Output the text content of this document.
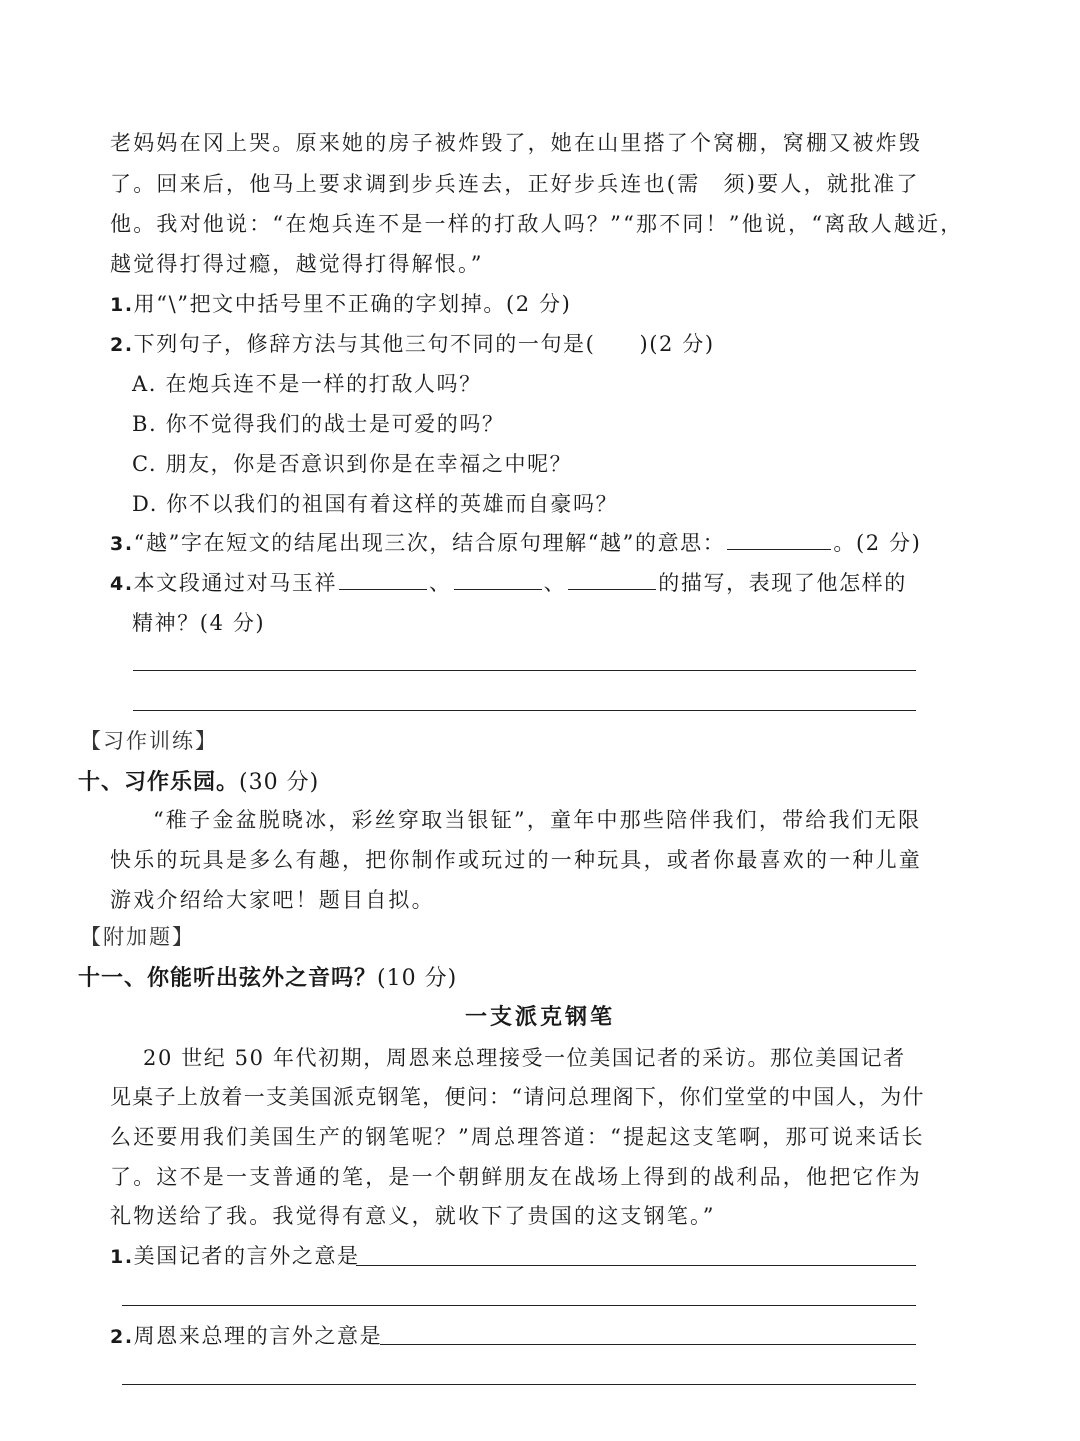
老妈妈在冈上哭。原来她的房子被炸毁了，她在山里搭了个窝棚，窝棚又被炸毁
了。回来后，他马上要求调到步兵连去，正好步兵连也(需　须)要人，就批准了
他。我对他说：“在炮兵连不是一样的打敌人吗？”“那不同！”他说，“离敌人越近，
越觉得打得过瘾，越觉得打得解恨。”
1.用“\”把文中括号里不正确的字划掉。(2 分)
2.下列句子，修辞方法与其他三句不同的一句是( )(2 分)
A. 在炮兵连不是一样的打敌人吗？
B. 你不觉得我们的战士是可爱的吗？
C. 朋友，你是否意识到你是在幸福之中呢？
D. 你不以我们的祖国有着这样的英雄而自豪吗？
3.“越”字在短文的结尾出现三次，结合原句理解“越”的意思：	。(2 分)
4.本文段通过对马玉祥	、	、	的描写，表现了他怎样的
精神？(4 分)
【习作训练】
十、习作乐园。(30 分)
“稚子金盆脱晓冰，彩丝穿取当银钲”，童年中那些陪伴我们，带给我们无限
快乐的玩具是多么有趣，把你制作或玩过的一种玩具，或者你最喜欢的一种儿童
游戏介绍给大家吧！题目自拟。
【附加题】
十一、你能听出弦外之音吗？(10 分)
一支派克钢笔
20 世纪 50 年代初期，周恩来总理接受一位美国记者的采访。那位美国记者
见桌子上放着一支美国派克钢笔，便问：“请问总理阁下，你们堂堂的中国人，为什
么还要用我们美国生产的钢笔呢？”周总理答道：“提起这支笔啊，那可说来话长
了。这不是一支普通的笔，是一个朝鲜朋友在战场上得到的战利品，他把它作为
礼物送给了我。我觉得有意义，就收下了贵国的这支钢笔。”
1.美国记者的言外之意是
2.周恩来总理的言外之意是
